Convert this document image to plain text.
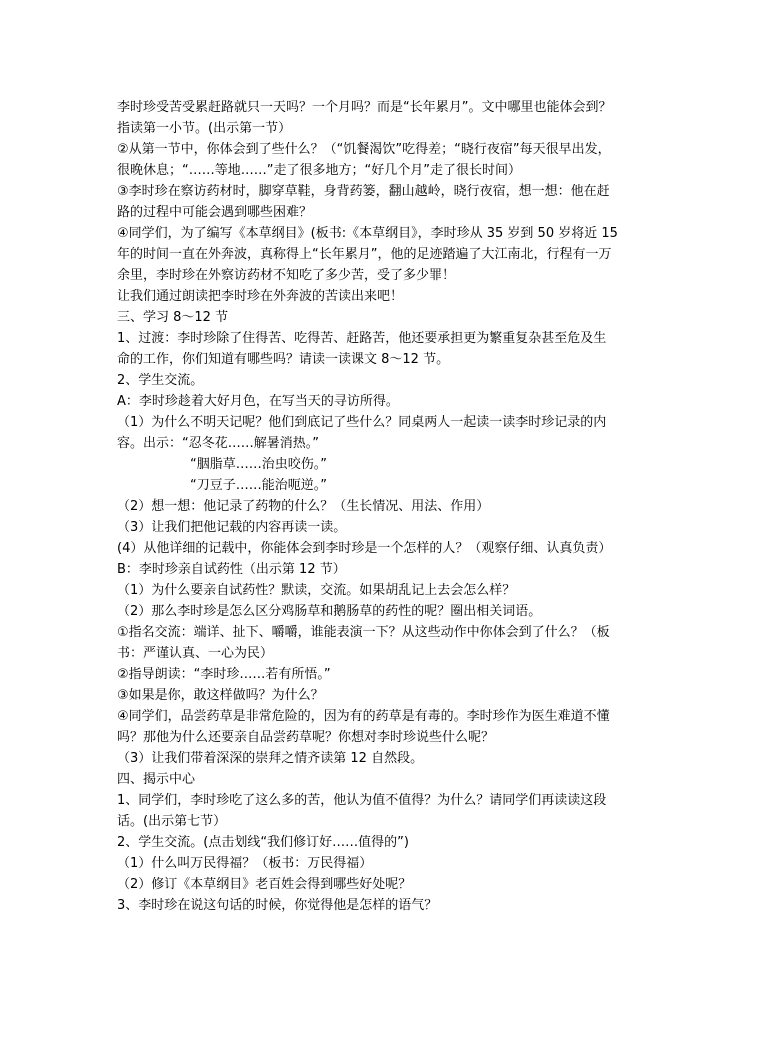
李时珍受苦受累赶路就只一天吗？一个月吗？而是“长年累月”。文中哪里也能体会到？
指读第一小节。(出示第一节）
②从第一节中，你体会到了些什么？（“饥餐渴饮”吃得差；“晓行夜宿”每天很早出发，
很晚休息；“……等地……”走了很多地方；“好几个月”走了很长时间）
③李时珍在察访药材时，脚穿草鞋，身背药篓，翻山越岭，晓行夜宿，想一想：他在赶
路的过程中可能会遇到哪些困难？
④同学们，为了编写《本草纲目》(板书:《本草纲目》，李时珍从 35 岁到 50 岁将近 15
年的时间一直在外奔波，真称得上“长年累月”，他的足迹踏遍了大江南北，行程有一万
余里，李时珍在外察访药材不知吃了多少苦，受了多少罪！
让我们通过朗读把李时珍在外奔波的苦读出来吧！
三、学习 8～12 节
1、过渡：李时珍除了住得苦、吃得苦、赶路苦，他还要承担更为繁重复杂甚至危及生
命的工作，你们知道有哪些吗？请读一读课文 8～12 节。
2、学生交流。
A：李时珍趁着大好月色，在写当天的寻访所得。
（1）为什么不明天记呢？他们到底记了些什么？同桌两人一起读一读李时珍记录的内
容。出示：“忍冬花……解暑消热。”
“胭脂草……治虫咬伤。”
“刀豆子……能治呃逆。”
（2）想一想：他记录了药物的什么？（生长情况、用法、作用）
（3）让我们把他记载的内容再读一读。
(4）从他详细的记载中，你能体会到李时珍是一个怎样的人？（观察仔细、认真负责）
B：李时珍亲自试药性（出示第 12 节）
（1）为什么要亲自试药性？默读，交流。如果胡乱记上去会怎么样？
（2）那么李时珍是怎么区分鸡肠草和鹅肠草的药性的呢？圈出相关词语。
①指名交流：端详、扯下、嚼嚼，谁能表演一下？从这些动作中你体会到了什么？（板
书：严谨认真、一心为民）
②指导朗读：“李时珍……若有所悟。”
③如果是你，敢这样做吗？为什么？
④同学们，品尝药草是非常危险的，因为有的药草是有毒的。李时珍作为医生难道不懂
吗？那他为什么还要亲自品尝药草呢？你想对李时珍说些什么呢？
（3）让我们带着深深的崇拜之情齐读第 12 自然段。
四、揭示中心
1、同学们，李时珍吃了这么多的苦，他认为值不值得？为什么？请同学们再读读这段
话。(出示第七节）
2、学生交流。(点击划线“我们修订好……值得的”)
（1）什么叫万民得福？（板书：万民得福）
（2）修订《本草纲目》老百姓会得到哪些好处呢？
3、李时珍在说这句话的时候，你觉得他是怎样的语气？
